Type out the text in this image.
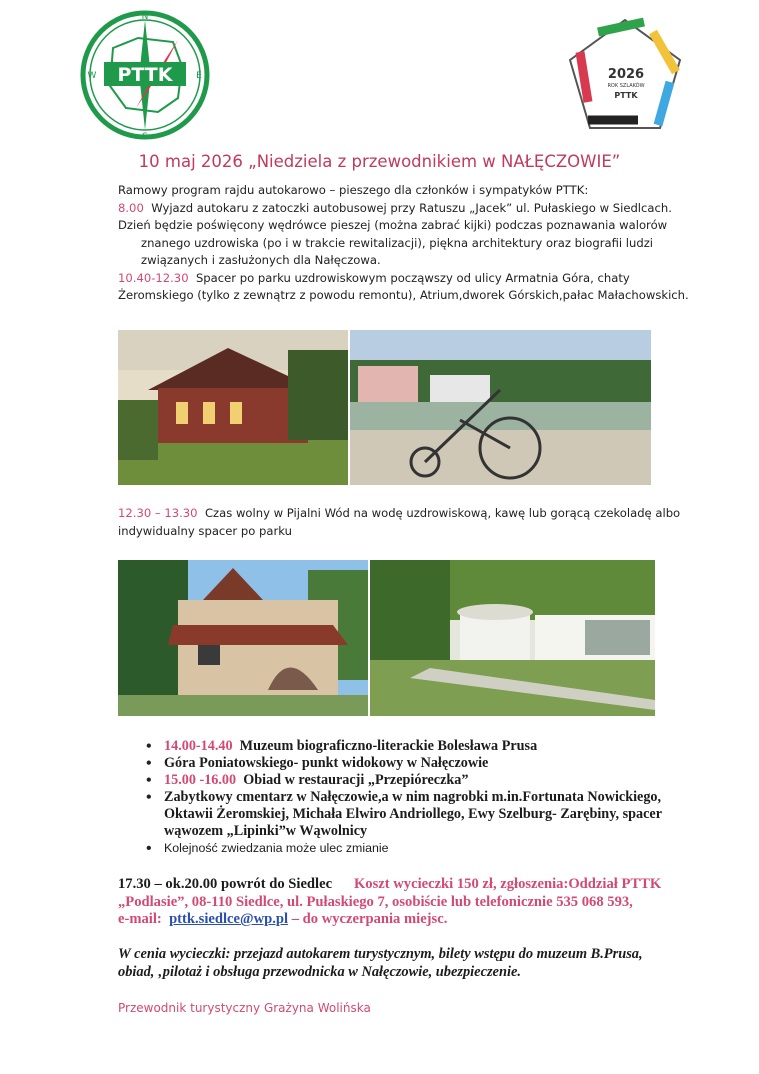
PTTK
N
S
W	E	2026
ROK SZLAKÓW
PTTK
10 maj 2026 „Niedziela z przewodnikiem w NAŁĘCZOWIE”
Ramowy program rajdu autokarowo – pieszego dla członków i sympatyków PTTK:
8.00 Wyjazd autokaru z zatoczki autobusowej przy Ratuszu „Jacek” ul. Pułaskiego w Siedlcach.
Dzień będzie poświęcony wędrówce pieszej (można zabrać kijki) podczas poznawania walorów
znanego uzdrowiska (po i w trakcie rewitalizacji), piękna architektury oraz biografii ludzi
związanych i zasłużonych dla Nałęczowa.
10.40-12.30 Spacer po parku uzdrowiskowym począwszy od ulicy Armatnia Góra, chaty
Żeromskiego (tylko z zewnątrz z powodu remontu), Atrium,dworek Górskich,pałac Małachowskich.
12.30 – 13.30 Czas wolny w Pijalni Wód na wodę uzdrowiskową, kawę lub gorącą czekoladę albo
indywidualny spacer po parku
• 14.00-14.40 Muzeum biograficzno-literackie Bolesława Prusa
• Góra Poniatowskiego- punkt widokowy w Nałęczowie
• 15.00 -16.00 Obiad w restauracji „Przepióreczka”
• Zabytkowy cmentarz w Nałęczowie,a w nim nagrobki m.in.Fortunata Nowickiego,
Oktawii Żeromskiej, Michała Elwiro Andriollego, Ewy Szelburg- Zarębiny, spacer
wąwozem „Lipinki”w Wąwolnicy
• Kolejność zwiedzania może ulec zmianie
17.30 – ok.20.00 powrót do Siedlec Koszt wycieczki 150 zł, zgłoszenia:Oddział PTTK
„Podlasie”, 08-110 Siedlce, ul. Pułaskiego 7, osobiście lub telefonicznie 535 068 593,
e-mail: pttk.siedlce@wp.pl – do wyczerpania miejsc.
W cenia wycieczki: przejazd autokarem turystycznym, bilety wstępu do muzeum B.Prusa,
obiad, ‚pilotaż i obsługa przewodnicka w Nałęczowie, ubezpieczenie.
Przewodnik turystyczny Grażyna Wolińska
